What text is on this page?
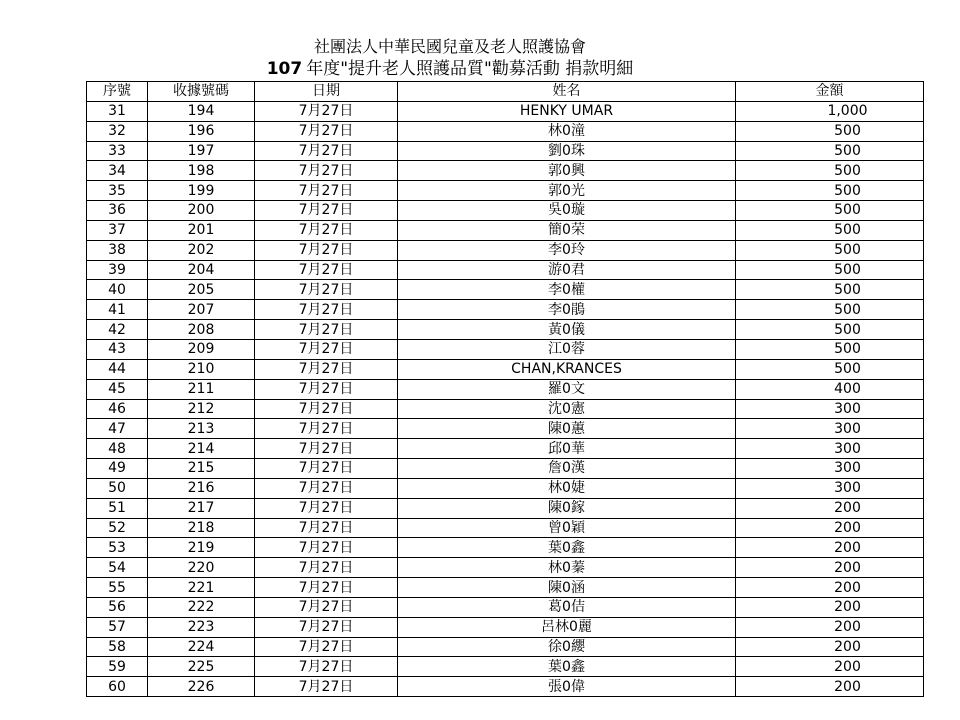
社團法人中華民國兒童及老人照護協會
107 年度"提升老人照護品質"勸募活動 捐款明細
序號	收據號碼	日期	姓名	金額
31	194	7月27日	HENKY UMAR	1,000
32	196	7月27日	林0潼	500
33	197	7月27日	劉0珠	500
34	198	7月27日	郭0興	500
35	199	7月27日	郭0光	500
36	200	7月27日	吳0璇	500
37	201	7月27日	簡0荣	500
38	202	7月27日	李0玲	500
39	204	7月27日	游0君	500
40	205	7月27日	李0權	500
41	207	7月27日	李0鵑	500
42	208	7月27日	黃0儀	500
43	209	7月27日	江0蓉	500
44	210	7月27日	CHAN,KRANCES	500
45	211	7月27日	羅0文	400
46	212	7月27日	沈0憲	300
47	213	7月27日	陳0蕙	300
48	214	7月27日	邱0華	300
49	215	7月27日	詹0漢	300
50	216	7月27日	林0婕	300
51	217	7月27日	陳0鎵	200
52	218	7月27日	曾0穎	200
53	219	7月27日	葉0鑫	200
54	220	7月27日	林0蓁	200
55	221	7月27日	陳0涵	200
56	222	7月27日	葛0佶	200
57	223	7月27日	呂林0麗	200
58	224	7月27日	徐0纓	200
59	225	7月27日	葉0鑫	200
60	226	7月27日	張0偉	200
